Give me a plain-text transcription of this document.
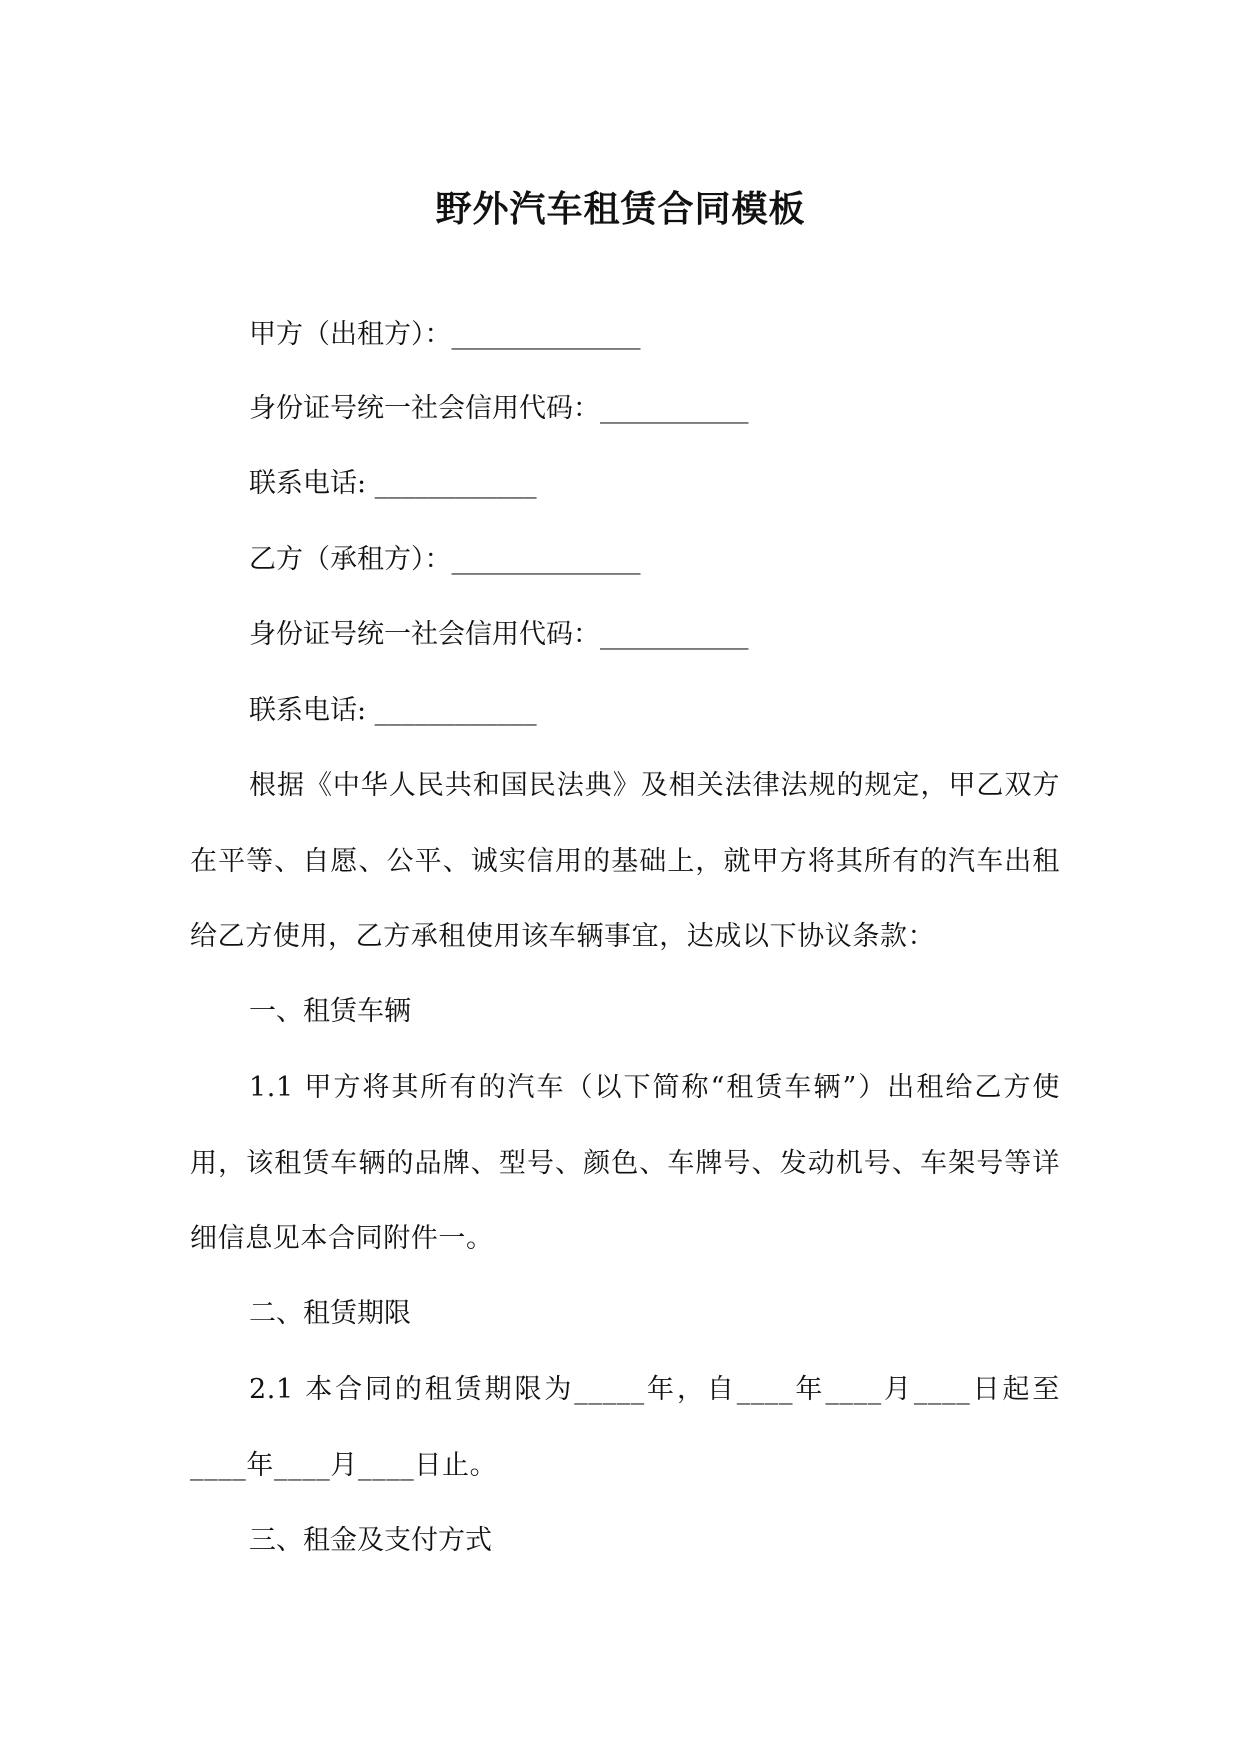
野外汽车租赁合同模板

甲方（出租方）：______________

身份证号统一社会信用代码：___________

联系电话: ____________

乙方（承租方）：______________

身份证号统一社会信用代码：___________

联系电话: ____________

根据《中华人民共和国民法典》及相关法律法规的规定，甲乙双方在平等、自愿、公平、诚实信用的基础上，就甲方将其所有的汽车出租给乙方使用，乙方承租使用该车辆事宜，达成以下协议条款：

一、租赁车辆

1.1 甲方将其所有的汽车（以下简称“租赁车辆”）出租给乙方使用，该租赁车辆的品牌、型号、颜色、车牌号、发动机号、车架号等详细信息见本合同附件一。

二、租赁期限

2.1 本合同的租赁期限为_____年，自____年____月____日起至____年____月____日止。

三、租金及支付方式
